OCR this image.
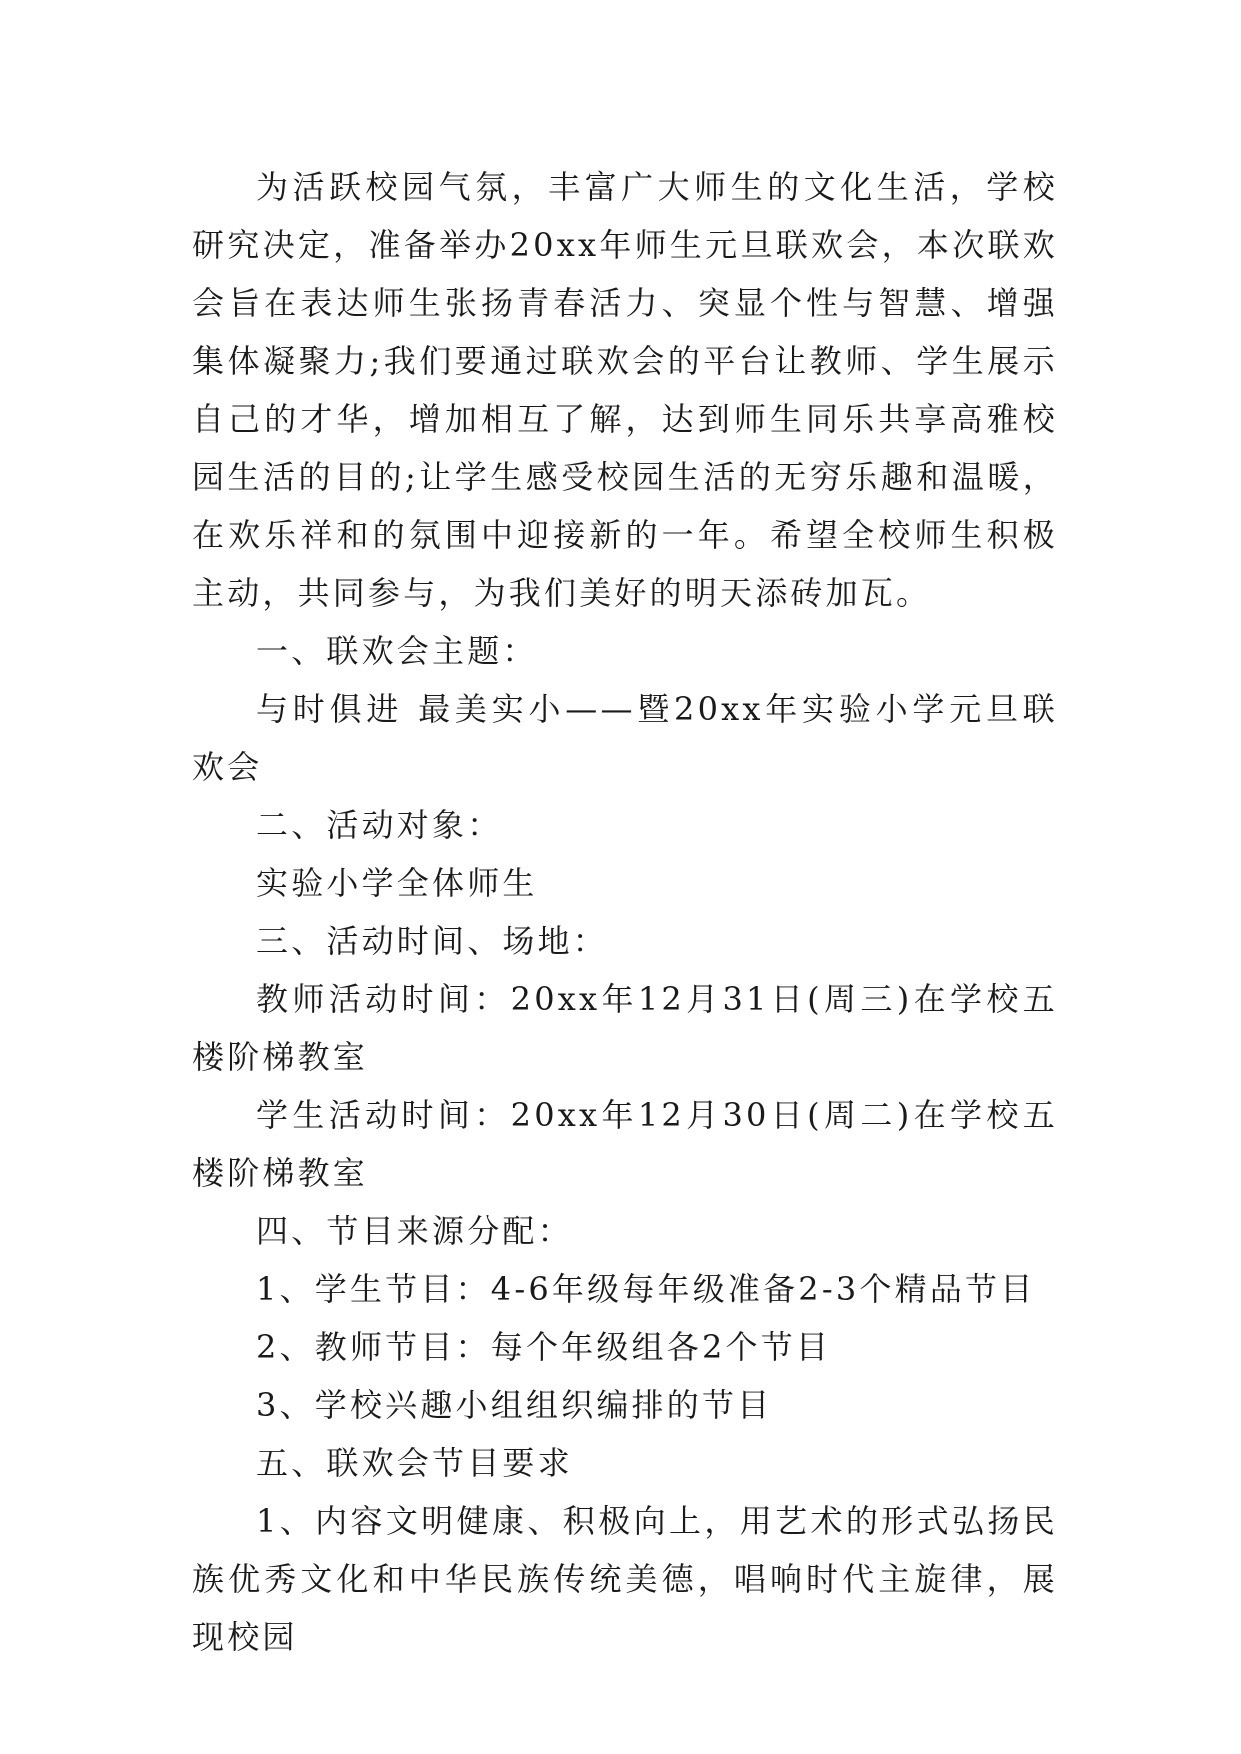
为活跃校园气氛，丰富广大师生的文化生活，学校研究决定，准备举办20xx年师生元旦联欢会，本次联欢会旨在表达师生张扬青春活力、突显个性与智慧、增强集体凝聚力;我们要通过联欢会的平台让教师、学生展示自己的才华，增加相互了解，达到师生同乐共享高雅校园生活的目的;让学生感受校园生活的无穷乐趣和温暖，在欢乐祥和的氛围中迎接新的一年。希望全校师生积极主动，共同参与，为我们美好的明天添砖加瓦。

一、联欢会主题：

与时俱进 最美实小——暨20xx年实验小学元旦联欢会

二、活动对象：

实验小学全体师生

三、活动时间、场地：

教师活动时间：20xx年12月31日(周三)在学校五楼阶梯教室

学生活动时间：20xx年12月30日(周二)在学校五楼阶梯教室

四、节目来源分配：

1、学生节目：4-6年级每年级准备2-3个精品节目

2、教师节目：每个年级组各2个节目

3、学校兴趣小组组织编排的节目

五、联欢会节目要求

1、内容文明健康、积极向上，用艺术的形式弘扬民族优秀文化和中华民族传统美德，唱响时代主旋律，展现校园
